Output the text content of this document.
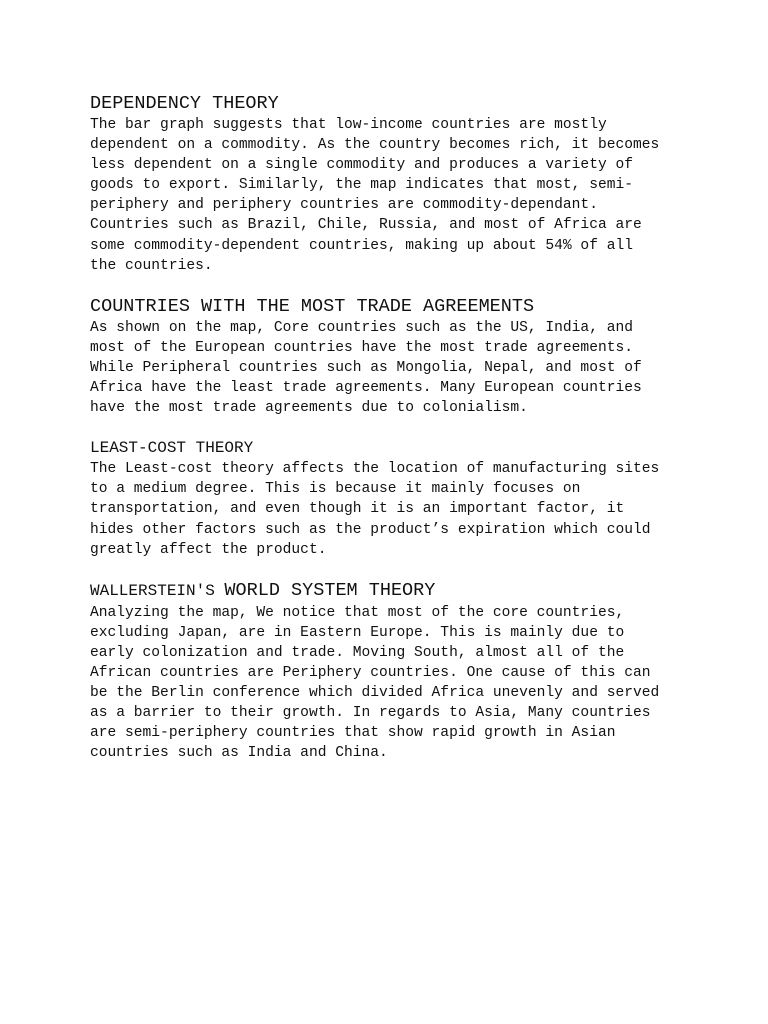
DEPENDENCY THEORY

The bar graph suggests that low-income countries are mostly
dependent on a commodity. As the country becomes rich, it becomes
less dependent on a single commodity and produces a variety of
goods to export. Similarly, the map indicates that most, semi-
periphery and periphery countries are commodity-dependant.
Countries such as Brazil, Chile, Russia, and most of Africa are
some commodity-dependent countries, making up about 54% of all
the countries.

COUNTRIES WITH THE MOST TRADE AGREEMENTS

As shown on the map, Core countries such as the US, India, and
most of the European countries have the most trade agreements.
While Peripheral countries such as Mongolia, Nepal, and most of
Africa have the least trade agreements. Many European countries
have the most trade agreements due to colonialism.

LEAST-COST THEORY

The Least-cost theory affects the location of manufacturing sites
to a medium degree. This is because it mainly focuses on
transportation, and even though it is an important factor, it
hides other factors such as the product’s expiration which could
greatly affect the product.

WALLERSTEIN'S WORLD SYSTEM THEORY

Analyzing the map, We notice that most of the core countries,
excluding Japan, are in Eastern Europe. This is mainly due to
early colonization and trade. Moving South, almost all of the
African countries are Periphery countries. One cause of this can
be the Berlin conference which divided Africa unevenly and served
as a barrier to their growth. In regards to Asia, Many countries
are semi-periphery countries that show rapid growth in Asian
countries such as India and China.
